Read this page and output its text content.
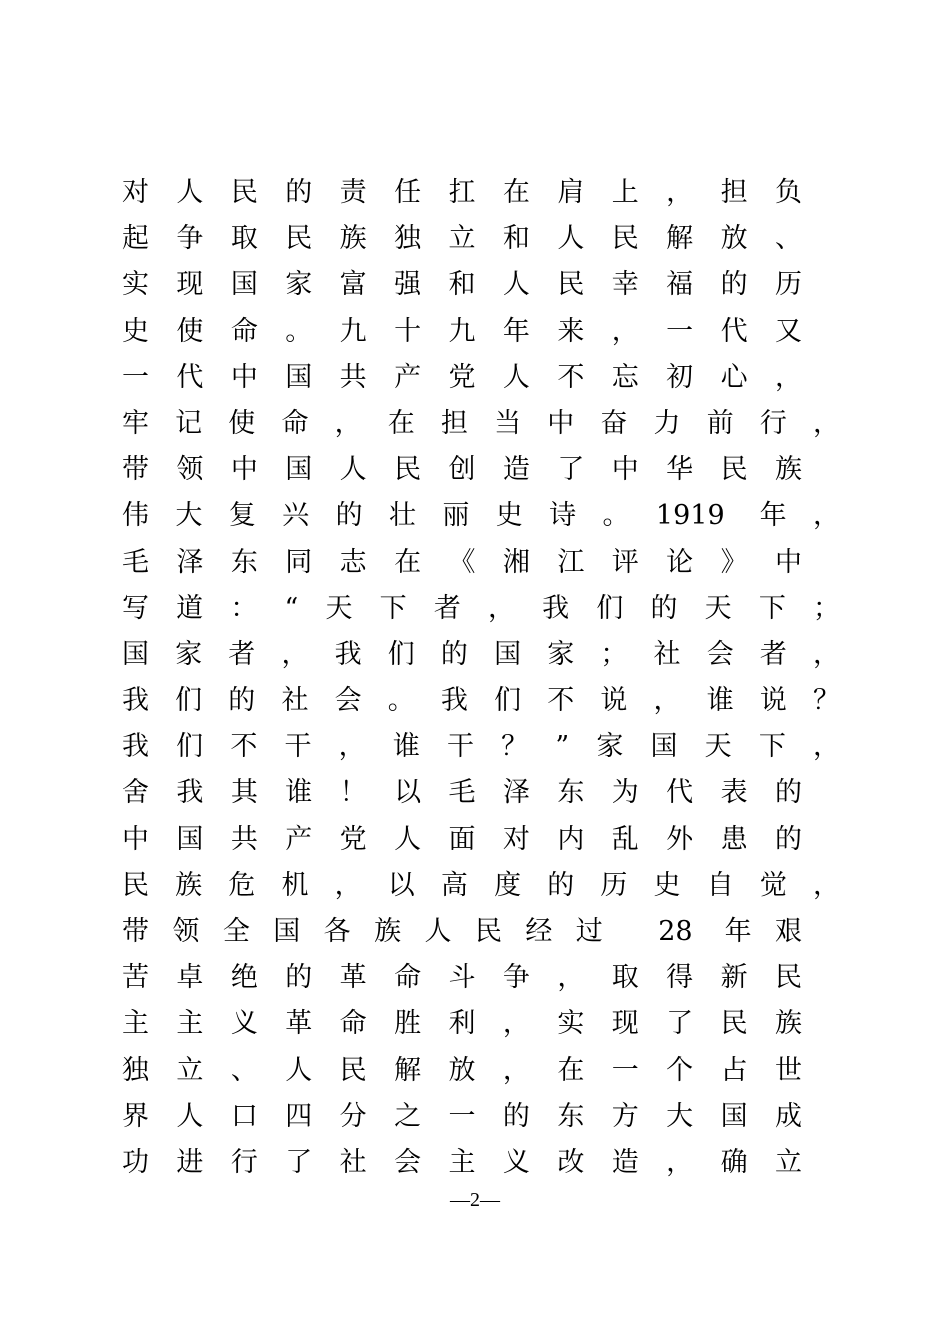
对人民的责任扛在肩上，担负
起争取民族独立和人民解放、
实现国家富强和人民幸福的历
史使命。九十九年来，一代又
一代中国共产党人不忘初心，
牢记使命，在担当中奋力前行，
带领中国人民创造了中华民族
伟大复兴的壮丽史诗。1919 年，
毛泽东同志在《湘江评论》中
写道：“天下者，我们的天下；
国家者，我们的国家；社会者，
我们的社会。我们不说，谁说？
我们不干，谁干？”家国天下，
舍我其谁！以毛泽东为代表的
中国共产党人面对内乱外患的
民族危机，以高度的历史自觉，
带领全国各族人民经过 28 年艰
苦卓绝的革命斗争，取得新民
主主义革命胜利，实现了民族
独立、人民解放，在一个占世
界人口四分之一的东方大国成
功进行了社会主义改造，确立
—2—
